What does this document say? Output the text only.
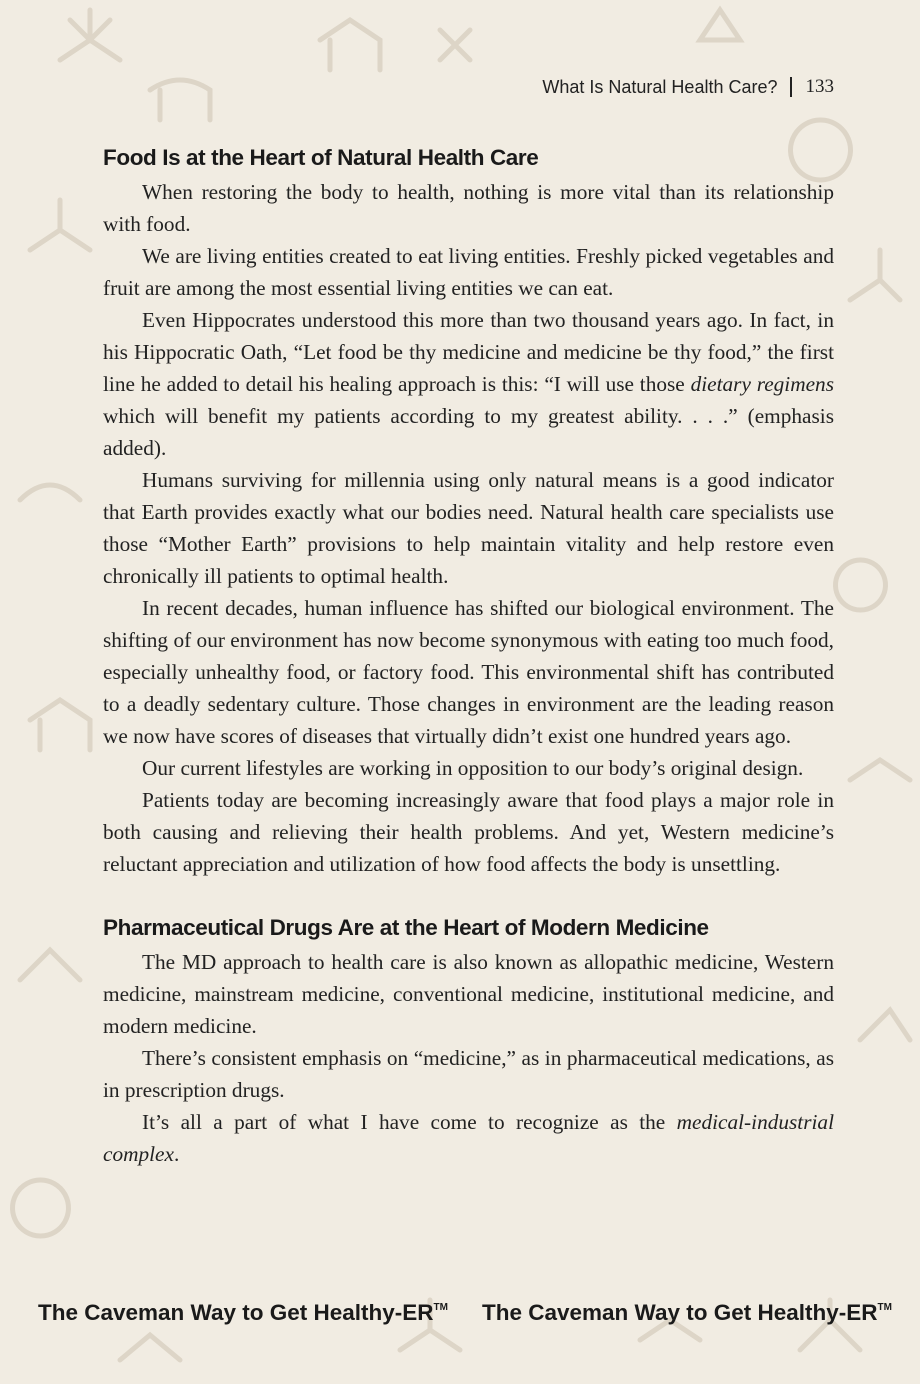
What Is Natural Health Care? 133
Food Is at the Heart of Natural Health Care

When restoring the body to health, nothing is more vital than its relationship with food.

We are living entities created to eat living entities. Freshly picked vegetables and fruit are among the most essential living entities we can eat.

Even Hippocrates understood this more than two thousand years ago. In fact, in his Hippocratic Oath, “Let food be thy medicine and medicine be thy food,” the first line he added to detail his healing approach is this: “I will use those dietary regimens which will benefit my patients according to my greatest ability. . . .” (emphasis added).

Humans surviving for millennia using only natural means is a good indicator that Earth provides exactly what our bodies need. Natural health care specialists use those “Mother Earth” provisions to help maintain vitality and help restore even chronically ill patients to optimal health.

In recent decades, human influence has shifted our biological environment. The shifting of our environment has now become synonymous with eating too much food, especially unhealthy food, or factory food. This environmental shift has contributed to a deadly sedentary culture. Those changes in environment are the leading reason we now have scores of diseases that virtually didn’t exist one hundred years ago.

Our current lifestyles are working in opposition to our body’s original design.

Patients today are becoming increasingly aware that food plays a major role in both causing and relieving their health problems. And yet, Western medicine’s reluctant appreciation and utilization of how food affects the body is unsettling.

Pharmaceutical Drugs Are at the Heart of Modern Medicine

The MD approach to health care is also known as allopathic medicine, Western medicine, mainstream medicine, conventional medicine, institutional medicine, and modern medicine.

There’s consistent emphasis on “medicine,” as in pharmaceutical medications, as in prescription drugs.

It’s all a part of what I have come to recognize as the medical-industrial complex.

The Caveman Way to Get Healthy-ER™ The Caveman Way to Get Healthy-ER™
